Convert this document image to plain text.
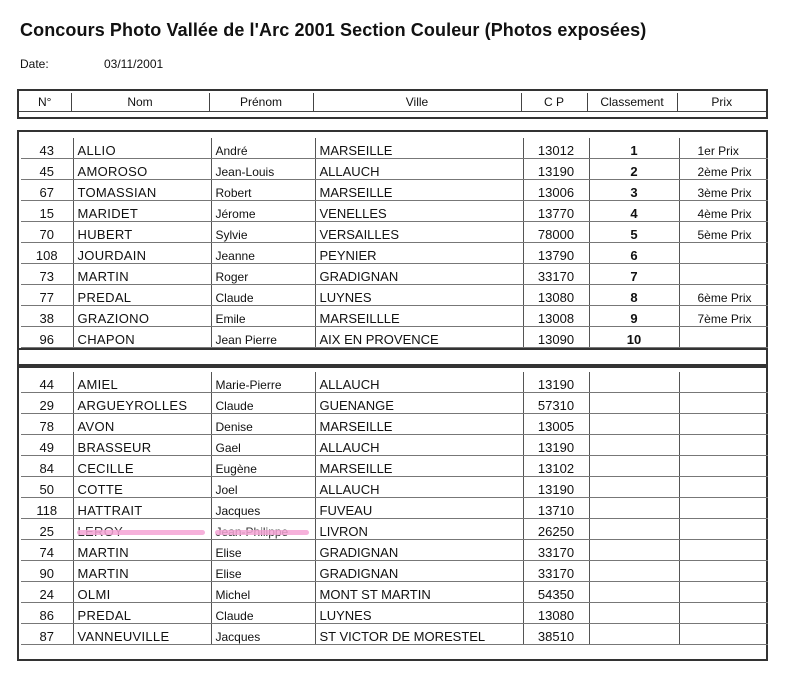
Concours Photo Vallée de l'Arc 2001 Section Couleur (Photos exposées)
Date:	03/11/2001
N°	Nom	Prénom	Ville	C P	Classement	Prix
43	ALLIO	André	MARSEILLE	13012	1	1er Prix
45	AMOROSO	Jean-Louis	ALLAUCH	13190	2	2ème Prix
67	TOMASSIAN	Robert	MARSEILLE	13006	3	3ème Prix
15	MARIDET	Jérome	VENELLES	13770	4	4ème Prix
70	HUBERT	Sylvie	VERSAILLES	78000	5	5ème Prix
108	JOURDAIN	Jeanne	PEYNIER	13790	6	
73	MARTIN	Roger	GRADIGNAN	33170	7	
77	PREDAL	Claude	LUYNES	13080	8	6ème Prix
38	GRAZIONO	Emile	MARSEILLLE	13008	9	7ème Prix
96	CHAPON	Jean Pierre	AIX EN PROVENCE	13090	10	
44	AMIEL	Marie-Pierre	ALLAUCH	13190		
29	ARGUEYROLLES	Claude	GUENANGE	57310		
78	AVON	Denise	MARSEILLE	13005		
49	BRASSEUR	Gael	ALLAUCH	13190		
84	CECILLE	Eugène	MARSEILLE	13102		
50	COTTE	Joel	ALLAUCH	13190		
118	HATTRAIT	Jacques	FUVEAU	13710		
25			LIVRON	26250		
74	MARTIN	Elise	GRADIGNAN	33170		
90	MARTIN	Elise	GRADIGNAN	33170		
24	OLMI	Michel	MONT ST MARTIN	54350		
86	PREDAL	Claude	LUYNES	13080		
87	VANNEUVILLE	Jacques	ST VICTOR DE MORESTEL	38510		
